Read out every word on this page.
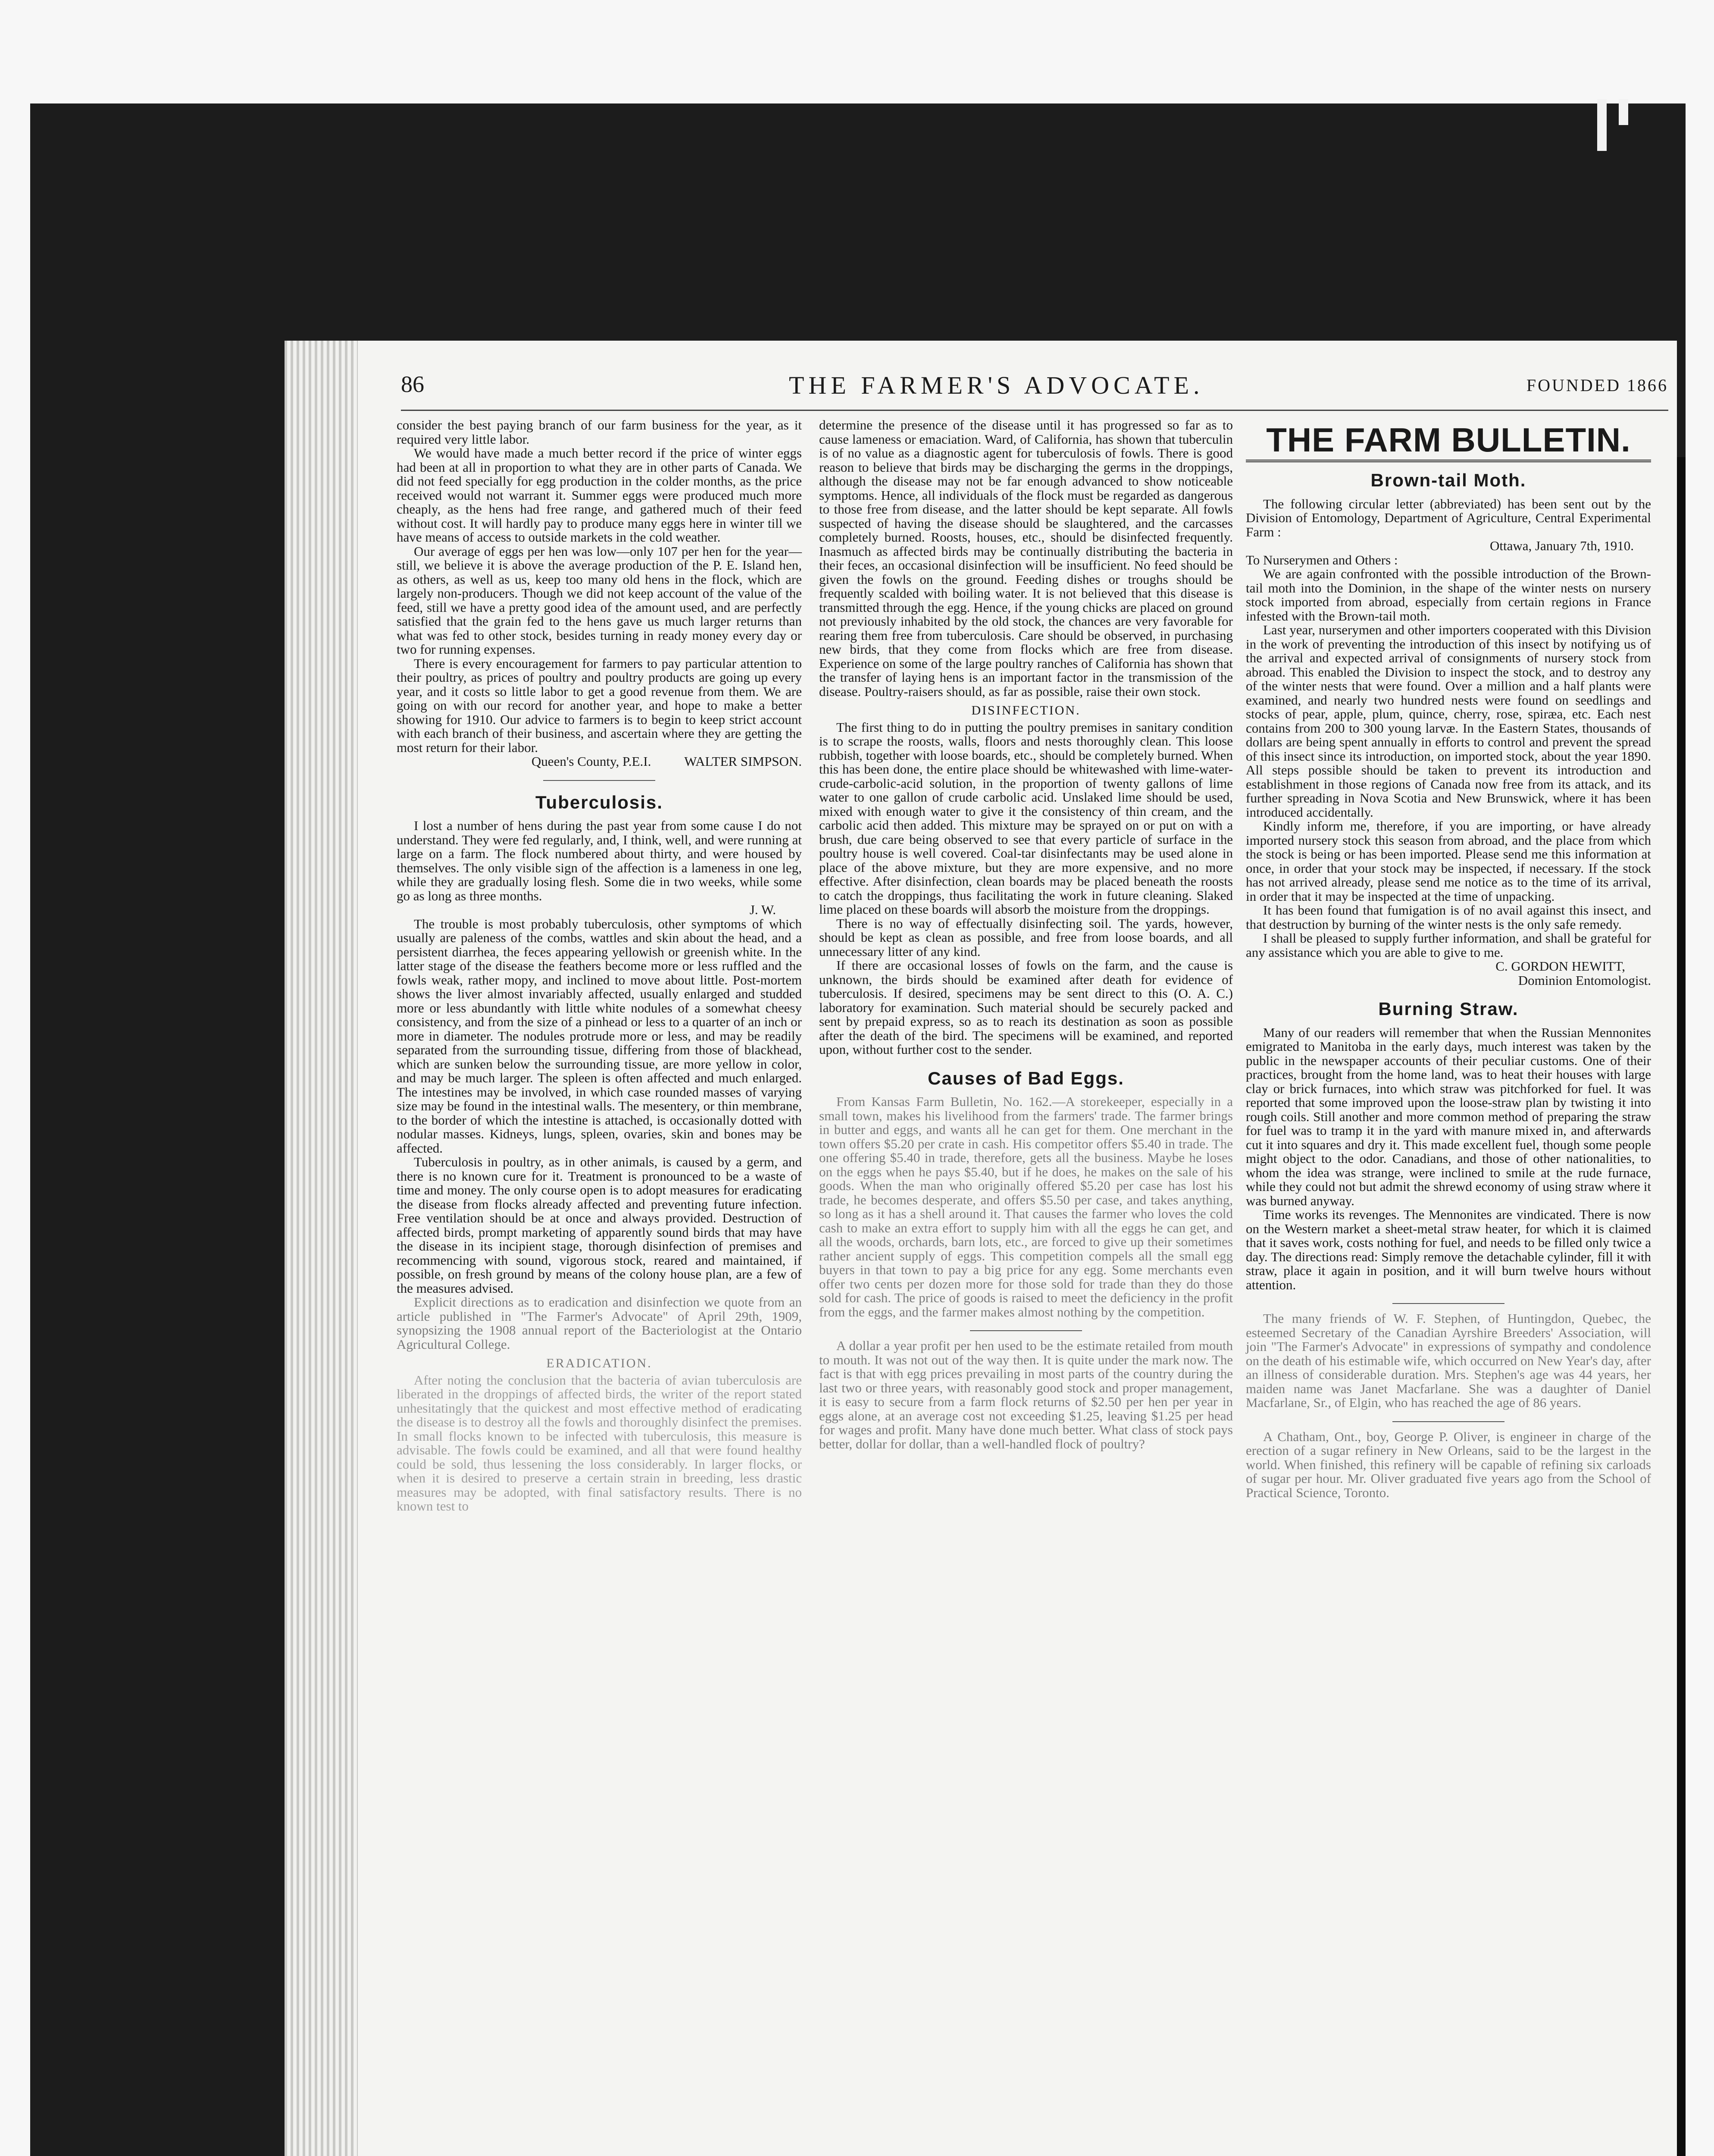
86	THE FARMER'S ADVOCATE.	FOUNDED 1866

consider the best paying branch of our farm business for the year, as it required very little labor.

We would have made a much better record if the price of winter eggs had been at all in proportion to what they are in other parts of Canada. We did not feed specially for egg production in the colder months, as the price received would not warrant it. Summer eggs were produced much more cheaply, as the hens had free range, and gathered much of their feed without cost. It will hardly pay to produce many eggs here in winter till we have means of access to outside markets in the cold weather.

Our average of eggs per hen was low—only 107 per hen for the year—still, we believe it is above the average production of the P. E. Island hen, as others, as well as us, keep too many old hens in the flock, which are largely non-producers. Though we did not keep account of the value of the feed, still we have a pretty good idea of the amount used, and are perfectly satisfied that the grain fed to the hens gave us much larger returns than what was fed to other stock, besides turning in ready money every day or two for running expenses.

There is every encouragement for farmers to pay particular attention to their poultry, as prices of poultry and poultry products are going up every year, and it costs so little labor to get a good revenue from them. We are going on with our record for another year, and hope to make a better showing for 1910. Our advice to farmers is to begin to keep strict account with each branch of their business, and ascertain where they are getting the most return for their labor.

Queen's County, P.E.I.          WALTER SIMPSON.

Tuberculosis.

I lost a number of hens during the past year from some cause I do not understand. They were fed regularly, and, I think, well, and were running at large on a farm. The flock numbered about thirty, and were housed by themselves. The only visible sign of the affection is a lameness in one leg, while they are gradually losing flesh. Some die in two weeks, while some go as long as three months.

J. W.

The trouble is most probably tuberculosis, other symptoms of which usually are paleness of the combs, wattles and skin about the head, and a persistent diarrhea, the feces appearing yellowish or greenish white. In the latter stage of the disease the feathers become more or less ruffled and the fowls weak, rather mopy, and inclined to move about little. Post-mortem shows the liver almost invariably affected, usually enlarged and studded more or less abundantly with little white nodules of a somewhat cheesy consistency, and from the size of a pinhead or less to a quarter of an inch or more in diameter. The nodules protrude more or less, and may be readily separated from the surrounding tissue, differing from those of blackhead, which are sunken below the surrounding tissue, are more yellow in color, and may be much larger. The spleen is often affected and much enlarged. The intestines may be involved, in which case rounded masses of varying size may be found in the intestinal walls. The mesentery, or thin membrane, to the border of which the intestine is attached, is occasionally dotted with nodular masses. Kidneys, lungs, spleen, ovaries, skin and bones may be affected.

Tuberculosis in poultry, as in other animals, is caused by a germ, and there is no known cure for it. Treatment is pronounced to be a waste of time and money. The only course open is to adopt measures for eradicating the disease from flocks already affected and preventing future infection. Free ventilation should be at once and always provided. Destruction of affected birds, prompt marketing of apparently sound birds that may have the disease in its incipient stage, thorough disinfection of premises and recommencing with sound, vigorous stock, reared and maintained, if possible, on fresh ground by means of the colony house plan, are a few of the measures advised.

Explicit directions as to eradication and disinfection we quote from an article published in "The Farmer's Advocate" of April 29th, 1909, synopsizing the 1908 annual report of the Bacteriologist at the Ontario Agricultural College.

ERADICATION.

After noting the conclusion that the bacteria of avian tuberculosis are liberated in the droppings of affected birds, the writer of the report stated unhesitatingly that the quickest and most effective method of eradicating the disease is to destroy all the fowls and thoroughly disinfect the premises. In small flocks known to be infected with tuberculosis, this measure is advisable. The fowls could be examined, and all that were found healthy could be sold, thus lessening the loss considerably. In larger flocks, or when it is desired to preserve a certain strain in breeding, less drastic measures may be adopted, with final satisfactory results. There is no known test to

determine the presence of the disease until it has progressed so far as to cause lameness or emaciation. Ward, of California, has shown that tuberculin is of no value as a diagnostic agent for tuberculosis of fowls. There is good reason to believe that birds may be discharging the germs in the droppings, although the disease may not be far enough advanced to show noticeable symptoms. Hence, all individuals of the flock must be regarded as dangerous to those free from disease, and the latter should be kept separate. All fowls suspected of having the disease should be slaughtered, and the carcasses completely burned. Roosts, houses, etc., should be disinfected frequently. Inasmuch as affected birds may be continually distributing the bacteria in their feces, an occasional disinfection will be insufficient. No feed should be given the fowls on the ground. Feeding dishes or troughs should be frequently scalded with boiling water. It is not believed that this disease is transmitted through the egg. Hence, if the young chicks are placed on ground not previously inhabited by the old stock, the chances are very favorable for rearing them free from tuberculosis. Care should be observed, in purchasing new birds, that they come from flocks which are free from disease. Experience on some of the large poultry ranches of California has shown that the transfer of laying hens is an important factor in the transmission of the disease. Poultry-raisers should, as far as possible, raise their own stock.

DISINFECTION.

The first thing to do in putting the poultry premises in sanitary condition is to scrape the roosts, walls, floors and nests thoroughly clean. This loose rubbish, together with loose boards, etc., should be completely burned. When this has been done, the entire place should be whitewashed with lime-water-crude-carbolic-acid solution, in the proportion of twenty gallons of lime water to one gallon of crude carbolic acid. Unslaked lime should be used, mixed with enough water to give it the consistency of thin cream, and the carbolic acid then added. This mixture may be sprayed on or put on with a brush, due care being observed to see that every particle of surface in the poultry house is well covered. Coal-tar disinfectants may be used alone in place of the above mixture, but they are more expensive, and no more effective. After disinfection, clean boards may be placed beneath the roosts to catch the droppings, thus facilitating the work in future cleaning. Slaked lime placed on these boards will absorb the moisture from the droppings.

There is no way of effectually disinfecting soil. The yards, however, should be kept as clean as possible, and free from loose boards, and all unnecessary litter of any kind.

If there are occasional losses of fowls on the farm, and the cause is unknown, the birds should be examined after death for evidence of tuberculosis. If desired, specimens may be sent direct to this (O. A. C.) laboratory for examination. Such material should be securely packed and sent by prepaid express, so as to reach its destination as soon as possible after the death of the bird. The specimens will be examined, and reported upon, without further cost to the sender.

Causes of Bad Eggs.

From Kansas Farm Bulletin, No. 162.—A storekeeper, especially in a small town, makes his livelihood from the farmers' trade. The farmer brings in butter and eggs, and wants all he can get for them. One merchant in the town offers $5.20 per crate in cash. His competitor offers $5.40 in trade. The one offering $5.40 in trade, therefore, gets all the business. Maybe he loses on the eggs when he pays $5.40, but if he does, he makes on the sale of his goods. When the man who originally offered $5.20 per case has lost his trade, he becomes desperate, and offers $5.50 per case, and takes anything, so long as it has a shell around it. That causes the farmer who loves the cold cash to make an extra effort to supply him with all the eggs he can get, and all the woods, orchards, barn lots, etc., are forced to give up their sometimes rather ancient supply of eggs. This competition compels all the small egg buyers in that town to pay a big price for any egg. Some merchants even offer two cents per dozen more for those sold for trade than they do those sold for cash. The price of goods is raised to meet the deficiency in the profit from the eggs, and the farmer makes almost nothing by the competition.

A dollar a year profit per hen used to be the estimate retailed from mouth to mouth. It was not out of the way then. It is quite under the mark now. The fact is that with egg prices prevailing in most parts of the country during the last two or three years, with reasonably good stock and proper management, it is easy to secure from a farm flock returns of $2.50 per hen per year in eggs alone, at an average cost not exceeding $1.25, leaving $1.25 per head for wages and profit. Many have done much better. What class of stock pays better, dollar for dollar, than a well-handled flock of poultry?

THE FARM BULLETIN.
Brown-tail Moth.

The following circular letter (abbreviated) has been sent out by the Division of Entomology, Department of Agriculture, Central Experimental Farm :

Ottawa, January 7th, 1910.

To Nurserymen and Others :

We are again confronted with the possible introduction of the Brown-tail moth into the Dominion, in the shape of the winter nests on nursery stock imported from abroad, especially from certain regions in France infested with the Brown-tail moth.

Last year, nurserymen and other importers cooperated with this Division in the work of preventing the introduction of this insect by notifying us of the arrival and expected arrival of consignments of nursery stock from abroad. This enabled the Division to inspect the stock, and to destroy any of the winter nests that were found. Over a million and a half plants were examined, and nearly two hundred nests were found on seedlings and stocks of pear, apple, plum, quince, cherry, rose, spiræa, etc. Each nest contains from 200 to 300 young larvæ. In the Eastern States, thousands of dollars are being spent annually in efforts to control and prevent the spread of this insect since its introduction, on imported stock, about the year 1890. All steps possible should be taken to prevent its introduction and establishment in those regions of Canada now free from its attack, and its further spreading in Nova Scotia and New Brunswick, where it has been introduced accidentally.

Kindly inform me, therefore, if you are importing, or have already imported nursery stock this season from abroad, and the place from which the stock is being or has been imported. Please send me this information at once, in order that your stock may be inspected, if necessary. If the stock has not arrived already, please send me notice as to the time of its arrival, in order that it may be inspected at the time of unpacking.

It has been found that fumigation is of no avail against this insect, and that destruction by burning of the winter nests is the only safe remedy.

I shall be pleased to supply further information, and shall be grateful for any assistance which you are able to give to me.

C. GORDON HEWITT,

Dominion Entomologist.

Burning Straw.

Many of our readers will remember that when the Russian Mennonites emigrated to Manitoba in the early days, much interest was taken by the public in the newspaper accounts of their peculiar customs. One of their practices, brought from the home land, was to heat their houses with large clay or brick furnaces, into which straw was pitchforked for fuel. It was reported that some improved upon the loose-straw plan by twisting it into rough coils. Still another and more common method of preparing the straw for fuel was to tramp it in the yard with manure mixed in, and afterwards cut it into squares and dry it. This made excellent fuel, though some people might object to the odor. Canadians, and those of other nationalities, to whom the idea was strange, were inclined to smile at the rude furnace, while they could not but admit the shrewd economy of using straw where it was burned anyway.

Time works its revenges. The Mennonites are vindicated. There is now on the Western market a sheet-metal straw heater, for which it is claimed that it saves work, costs nothing for fuel, and needs to be filled only twice a day. The directions read: Simply remove the detachable cylinder, fill it with straw, place it again in position, and it will burn twelve hours without attention.

The many friends of W. F. Stephen, of Huntingdon, Quebec, the esteemed Secretary of the Canadian Ayrshire Breeders' Association, will join "The Farmer's Advocate" in expressions of sympathy and condolence on the death of his estimable wife, which occurred on New Year's day, after an illness of considerable duration. Mrs. Stephen's age was 44 years, her maiden name was Janet Macfarlane. She was a daughter of Daniel Macfarlane, Sr., of Elgin, who has reached the age of 86 years.

A Chatham, Ont., boy, George P. Oliver, is engineer in charge of the erection of a sugar refinery in New Orleans, said to be the largest in the world. When finished, this refinery will be capable of refining six carloads of sugar per hour. Mr. Oliver graduated five years ago from the School of Practical Science, Toronto.
